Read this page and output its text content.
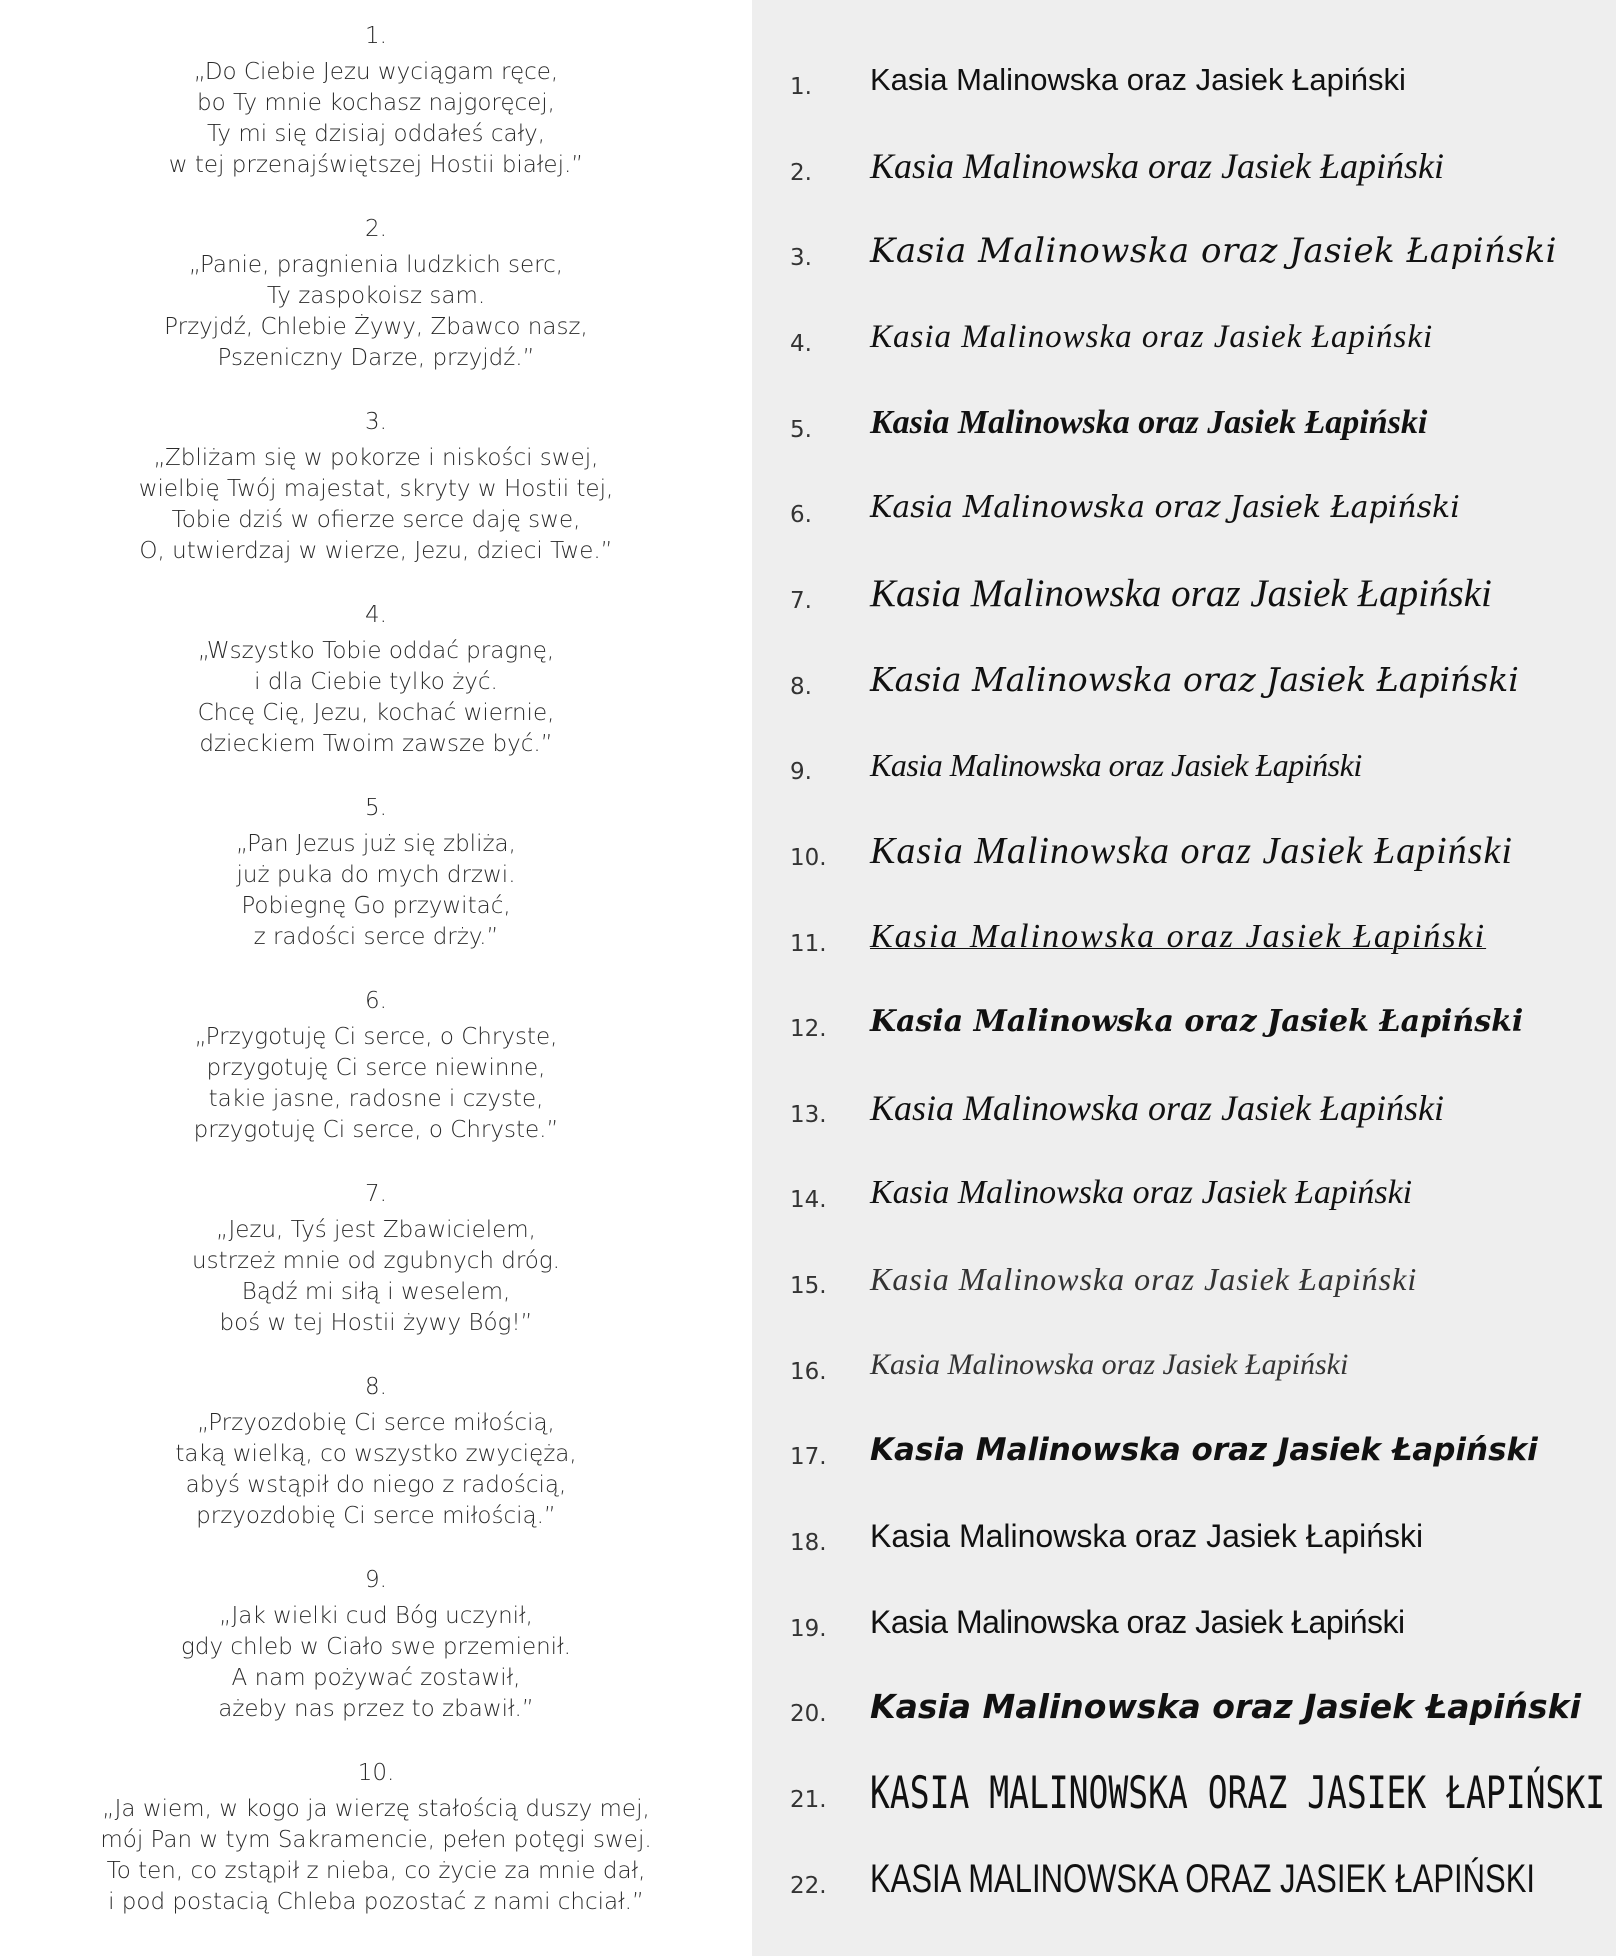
1.
„Do Ciebie Jezu wyciągam ręce,
bo Ty mnie kochasz najgoręcej,
Ty mi się dzisiaj oddałeś cały,
w tej przenajświętszej Hostii białej.”
2.
„Panie, pragnienia ludzkich serc,
Ty zaspokoisz sam.
Przyjdź, Chlebie Żywy, Zbawco nasz,
Pszeniczny Darze, przyjdź.”
3.
„Zbliżam się w pokorze i niskości swej,
wielbię Twój majestat, skryty w Hostii tej,
Tobie dziś w ofierze serce daję swe,
O, utwierdzaj w wierze, Jezu, dzieci Twe.”
4.
„Wszystko Tobie oddać pragnę,
i dla Ciebie tylko żyć.
Chcę Cię, Jezu, kochać wiernie,
dzieckiem Twoim zawsze być.”
5.
„Pan Jezus już się zbliża,
już puka do mych drzwi.
Pobiegnę Go przywitać,
z radości serce drży.”
6.
„Przygotuję Ci serce, o Chryste,
przygotuję Ci serce niewinne,
takie jasne, radosne i czyste,
przygotuję Ci serce, o Chryste.”
7.
„Jezu, Tyś jest Zbawicielem,
ustrzeż mnie od zgubnych dróg.
Bądź mi siłą i weselem,
boś w tej Hostii żywy Bóg!”
8.
„Przyozdobię Ci serce miłością,
taką wielką, co wszystko zwycięża,
abyś wstąpił do niego z radością,
przyozdobię Ci serce miłością.”
9.
„Jak wielki cud Bóg uczynił,
gdy chleb w Ciało swe przemienił.
A nam pożywać zostawił,
ażeby nas przez to zbawił.”
10.
„Ja wiem, w kogo ja wierzę stałością duszy mej,
mój Pan w tym Sakramencie, pełen potęgi swej.
To ten, co zstąpił z nieba, co życie za mnie dał,
i pod postacią Chleba pozostać z nami chciał.”
1. Kasia Malinowska oraz Jasiek Łapiński
2. Kasia Malinowska oraz Jasiek Łapiński
3. Kasia Malinowska oraz Jasiek Łapiński
4. Kasia Malinowska oraz Jasiek Łapiński
5. Kasia Malinowska oraz Jasiek Łapiński
6. Kasia Malinowska oraz Jasiek Łapiński
7. Kasia Malinowska oraz Jasiek Łapiński
8. Kasia Malinowska oraz Jasiek Łapiński
9. Kasia Malinowska oraz Jasiek Łapiński
10. Kasia Malinowska oraz Jasiek Łapiński
11. Kasia Malinowska oraz Jasiek Łapiński
12. Kasia Malinowska oraz Jasiek Łapiński
13. Kasia Malinowska oraz Jasiek Łapiński
14. Kasia Malinowska oraz Jasiek Łapiński
15. Kasia Malinowska oraz Jasiek Łapiński
16. Kasia Malinowska oraz Jasiek Łapiński
17. Kasia Malinowska oraz Jasiek Łapiński
18. Kasia Malinowska oraz Jasiek Łapiński
19. Kasia Malinowska oraz Jasiek Łapiński
20. Kasia Malinowska oraz Jasiek Łapiński
21. KASIA MALINOWSKA ORAZ JASIEK ŁAPIŃSKI
22. KASIA MALINOWSKA ORAZ JASIEK ŁAPIŃSKI
